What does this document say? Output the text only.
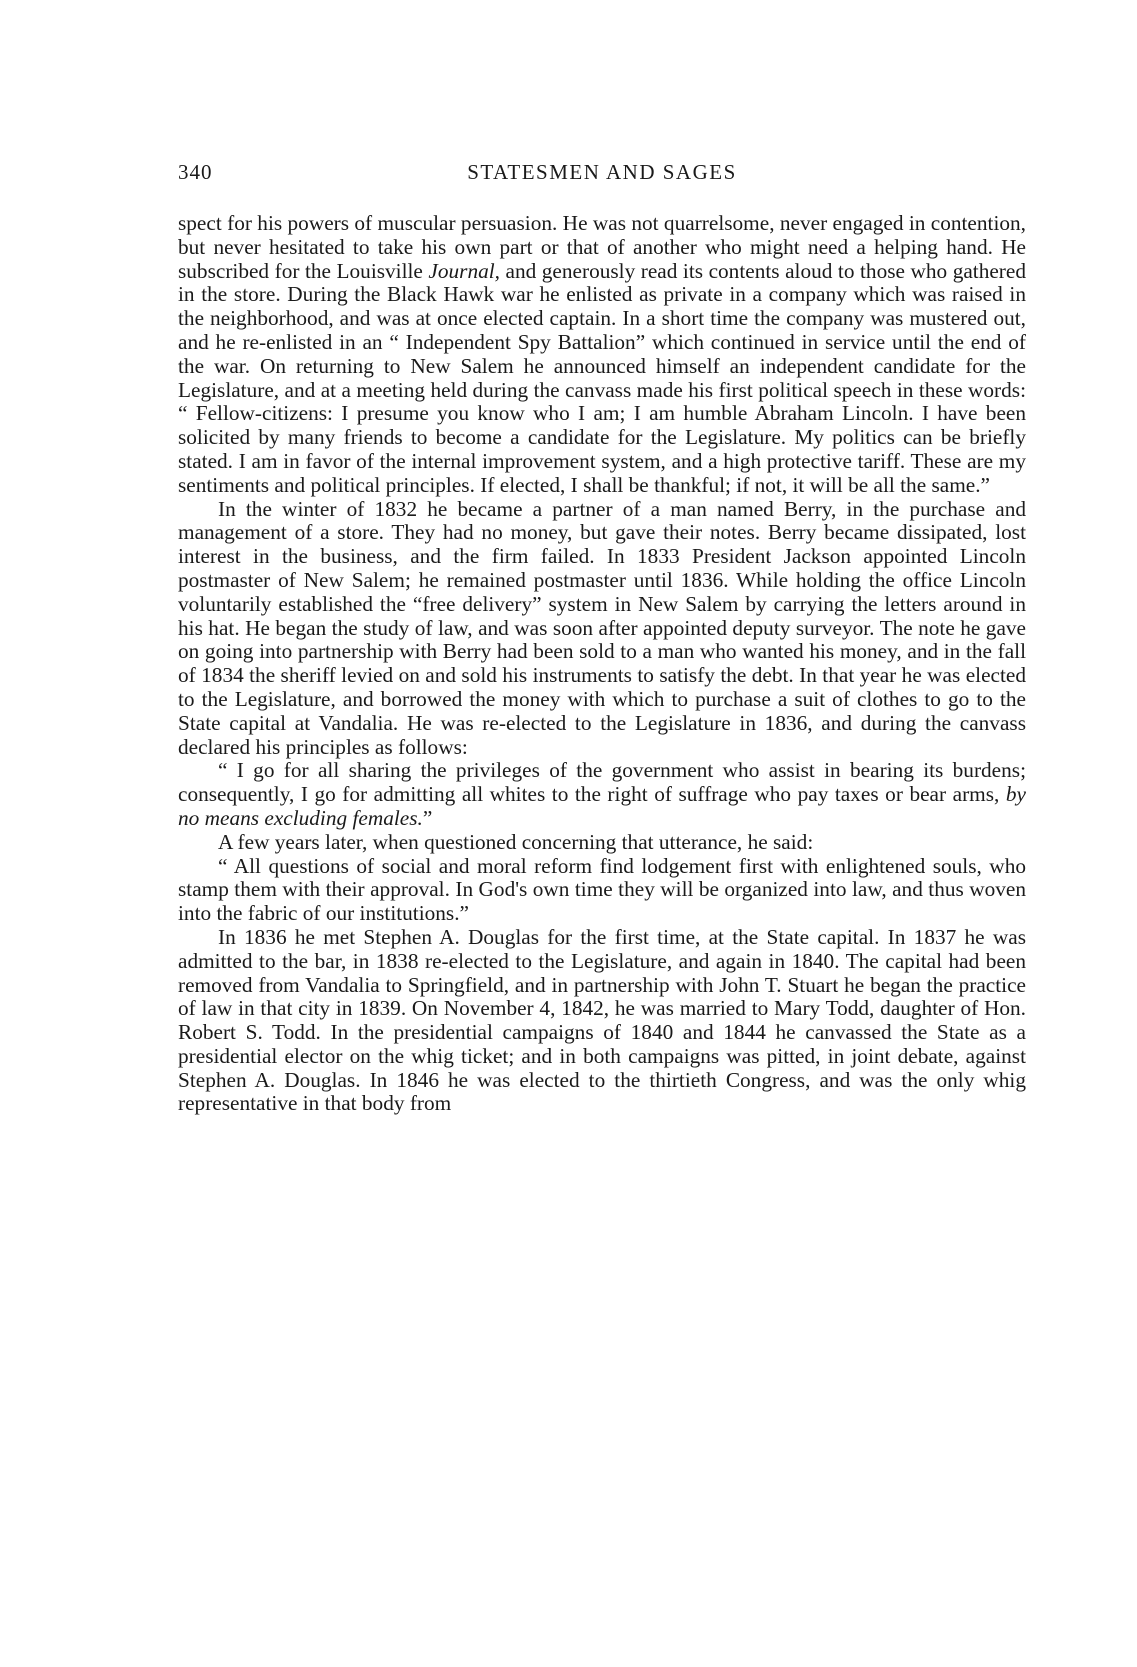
340	STATESMEN AND SAGES

spect for his powers of muscular persuasion. He was not quarrelsome, never engaged in contention, but never hesitated to take his own part or that of another who might need a helping hand. He subscribed for the Louisville Journal, and generously read its contents aloud to those who gathered in the store. During the Black Hawk war he enlisted as private in a company which was raised in the neighborhood, and was at once elected captain. In a short time the company was mustered out, and he re-enlisted in an “ Independent Spy Battalion” which continued in service until the end of the war. On returning to New Salem he announced himself an independent candidate for the Legislature, and at a meeting held during the canvass made his first political speech in these words: “ Fellow-citizens: I presume you know who I am; I am humble Abraham Lincoln. I have been solicited by many friends to become a candidate for the Legislature. My politics can be briefly stated. I am in favor of the internal improvement system, and a high protective tariff. These are my sentiments and political principles. If elected, I shall be thankful; if not, it will be all the same.”

In the winter of 1832 he became a partner of a man named Berry, in the purchase and management of a store. They had no money, but gave their notes. Berry became dissipated, lost interest in the business, and the firm failed. In 1833 President Jackson appointed Lincoln postmaster of New Salem; he remained postmaster until 1836. While holding the office Lincoln voluntarily established the “free delivery” system in New Salem by carrying the letters around in his hat. He began the study of law, and was soon after appointed deputy surveyor. The note he gave on going into partnership with Berry had been sold to a man who wanted his money, and in the fall of 1834 the sheriff levied on and sold his instruments to satisfy the debt. In that year he was elected to the Legislature, and borrowed the money with which to purchase a suit of clothes to go to the State capital at Vandalia. He was re-elected to the Legislature in 1836, and during the canvass declared his principles as follows:

“ I go for all sharing the privileges of the government who assist in bearing its burdens; consequently, I go for admitting all whites to the right of suffrage who pay taxes or bear arms, by no means excluding females.”

A few years later, when questioned concerning that utterance, he said:

“ All questions of social and moral reform find lodgement first with enlightened souls, who stamp them with their approval. In God's own time they will be organized into law, and thus woven into the fabric of our institutions.”

In 1836 he met Stephen A. Douglas for the first time, at the State capital. In 1837 he was admitted to the bar, in 1838 re-elected to the Legislature, and again in 1840. The capital had been removed from Vandalia to Springfield, and in partnership with John T. Stuart he began the practice of law in that city in 1839. On November 4, 1842, he was married to Mary Todd, daughter of Hon. Robert S. Todd. In the presidential campaigns of 1840 and 1844 he canvassed the State as a presidential elector on the whig ticket; and in both campaigns was pitted, in joint debate, against Stephen A. Douglas. In 1846 he was elected to the thirtieth Congress, and was the only whig representative in that body from
